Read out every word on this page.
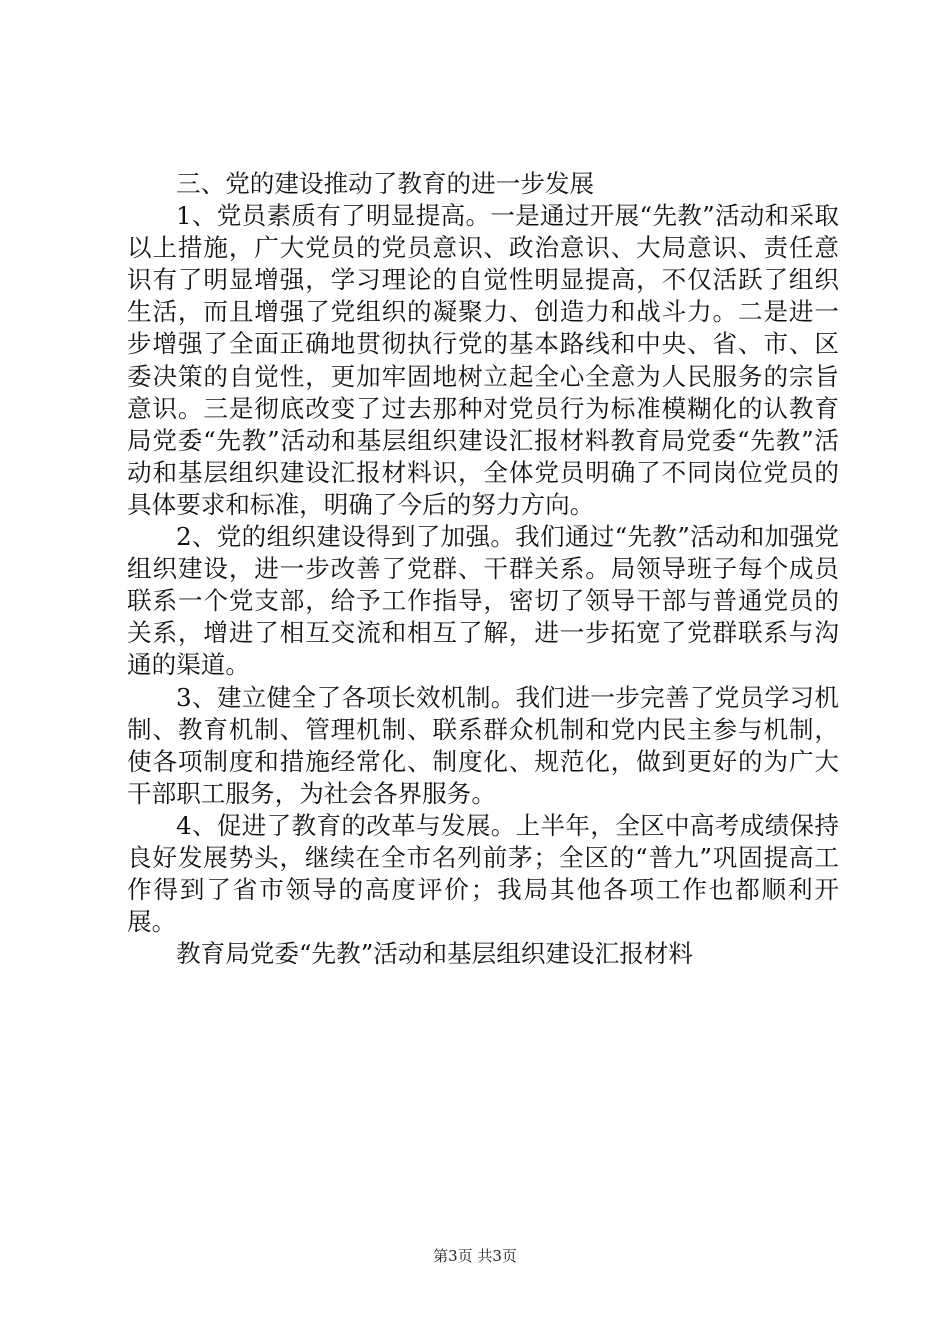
三、党的建设推动了教育的进一步发展

1、党员素质有了明显提高。一是通过开展“先教”活动和采取以上措施，广大党员的党员意识、政治意识、大局意识、责任意识有了明显增强，学习理论的自觉性明显提高，不仅活跃了组织生活，而且增强了党组织的凝聚力、创造力和战斗力。二是进一步增强了全面正确地贯彻执行党的基本路线和中央、省、市、区委决策的自觉性，更加牢固地树立起全心全意为人民服务的宗旨意识。三是彻底改变了过去那种对党员行为标准模糊化的认教育局党委“先教”活动和基层组织建设汇报材料教育局党委“先教”活动和基层组织建设汇报材料识，全体党员明确了不同岗位党员的具体要求和标准，明确了今后的努力方向。

2、党的组织建设得到了加强。我们通过“先教”活动和加强党组织建设，进一步改善了党群、干群关系。局领导班子每个成员联系一个党支部，给予工作指导，密切了领导干部与普通党员的关系，增进了相互交流和相互了解，进一步拓宽了党群联系与沟通的渠道。

3、建立健全了各项长效机制。我们进一步完善了党员学习机制、教育机制、管理机制、联系群众机制和党内民主参与机制，使各项制度和措施经常化、制度化、规范化，做到更好的为广大干部职工服务，为社会各界服务。

4、促进了教育的改革与发展。上半年，全区中高考成绩保持良好发展势头，继续在全市名列前茅；全区的“普九”巩固提高工作得到了省市领导的高度评价；我局其他各项工作也都顺利开展。

教育局党委“先教”活动和基层组织建设汇报材料

第3页 共3页
